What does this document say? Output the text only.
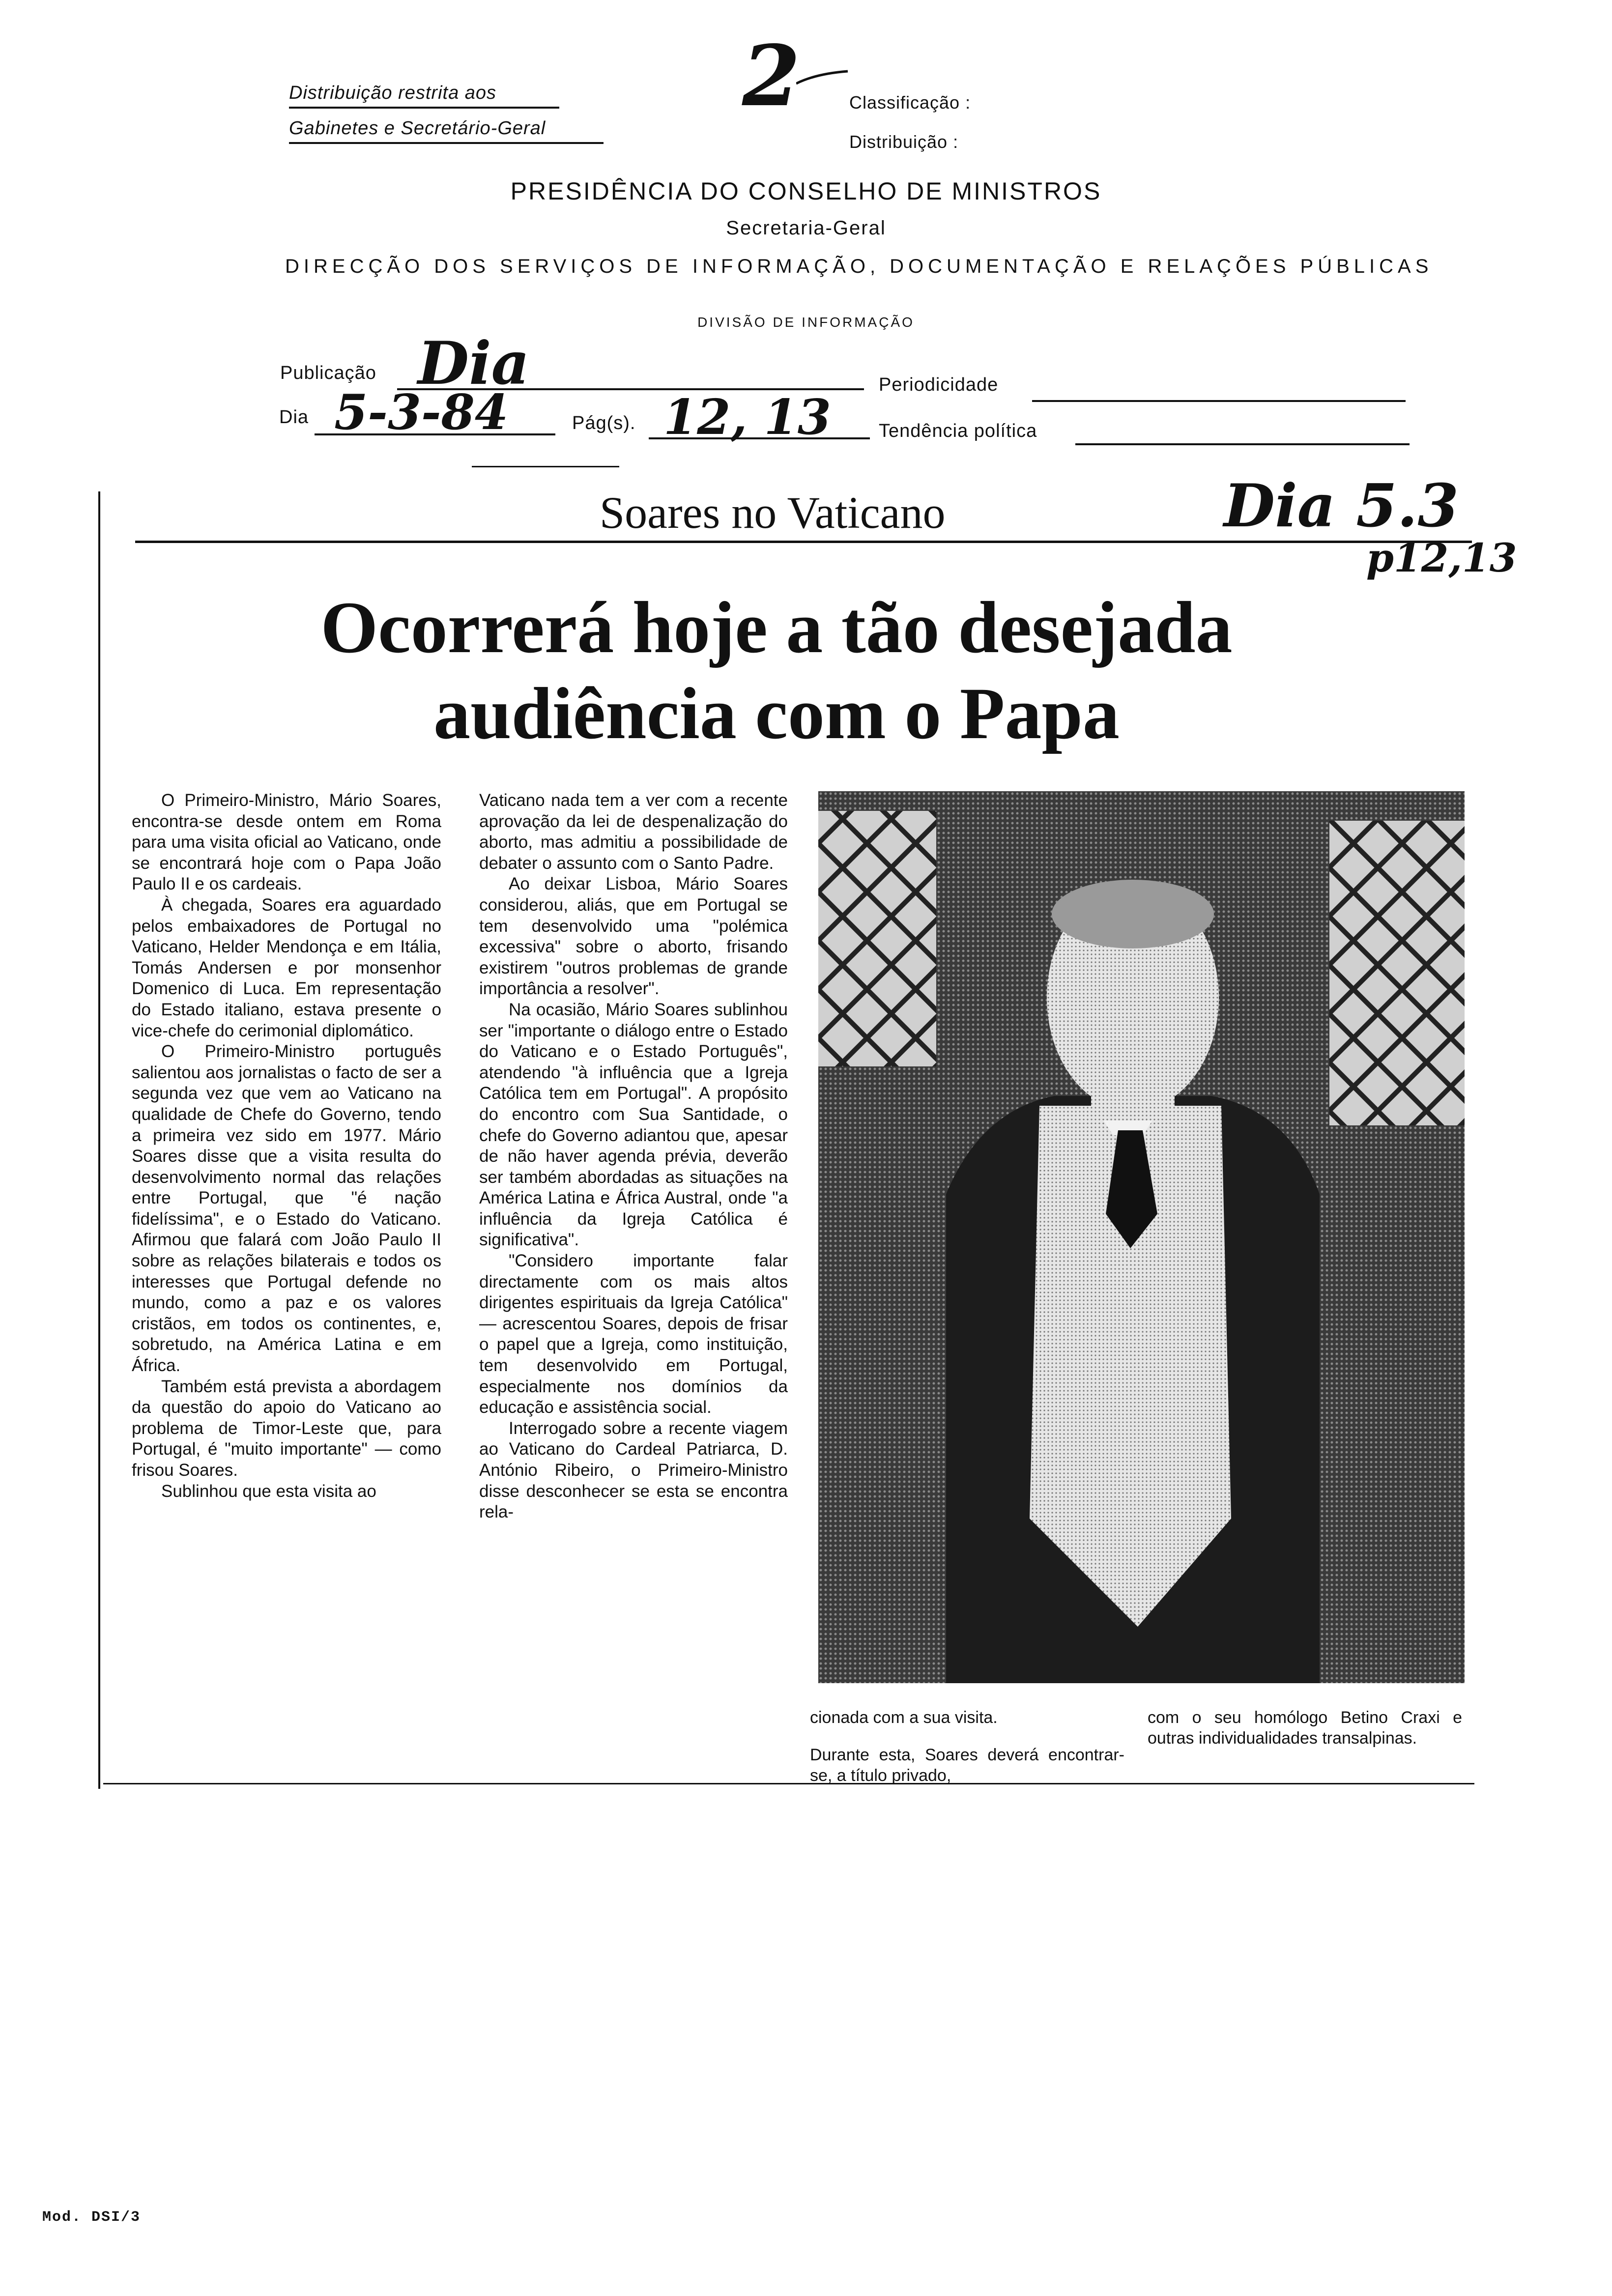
Distribuição restrita aos
Gabinetes e Secretário-Geral
2	Classificação :
Distribuição :
PRESIDÊNCIA DO CONSELHO DE MINISTROS
Secretaria-Geral
DIRECÇÃO DOS SERVIÇOS DE INFORMAÇÃO, DOCUMENTAÇÃO E RELAÇÕES PÚBLICAS
DIVISÃO DE INFORMAÇÃO
Publicação Dia	Periodicidade
Dia 5-3-84	Pág(s). 12, 13	Tendência política
Soares no Vaticano	Dia 5.3
p12,13
Ocorrerá hoje a tão desejada
audiência com o Papa

O Primeiro-Ministro, Mário Soares, encontra-se desde ontem em Roma para uma visita oficial ao Vaticano, onde se encontrará hoje com o Papa João Paulo II e os cardeais.

À chegada, Soares era aguardado pelos embaixadores de Portugal no Vaticano, Helder Mendonça e em Itália, Tomás Andersen e por monsenhor Domenico di Luca. Em representação do Estado italiano, estava presente o vice-chefe do cerimonial diplomático.

O Primeiro-Ministro português salientou aos jornalistas o facto de ser a segunda vez que vem ao Vaticano na qualidade de Chefe do Governo, tendo a primeira vez sido em 1977. Mário Soares disse que a visita resulta do desenvolvimento normal das relações entre Portugal, que "é nação fidelíssima", e o Estado do Vaticano. Afirmou que falará com João Paulo II sobre as relações bilaterais e todos os interesses que Portugal defende no mundo, como a paz e os valores cristãos, em todos os continentes, e, sobretudo, na América Latina e em África.

Também está prevista a abordagem da questão do apoio do Vaticano ao problema de Timor-Leste que, para Portugal, é "muito importante" — como frisou Soares.

Sublinhou que esta visita ao

Vaticano nada tem a ver com a recente aprovação da lei de despenalização do aborto, mas admitiu a possibilidade de debater o assunto com o Santo Padre.

Ao deixar Lisboa, Mário Soares considerou, aliás, que em Portugal se tem desenvolvido uma "polémica excessiva" sobre o aborto, frisando existirem "outros problemas de grande importância a resolver".

Na ocasião, Mário Soares sublinhou ser "importante o diálogo entre o Estado do Vaticano e o Estado Português", atendendo "à influência que a Igreja Católica tem em Portugal". A propósito do encontro com Sua Santidade, o chefe do Governo adiantou que, apesar de não haver agenda prévia, deverão ser também abordadas as situações na América Latina e África Austral, onde "a influência da Igreja Católica é significativa".

"Considero importante falar directamente com os mais altos dirigentes espirituais da Igreja Católica" — acrescentou Soares, depois de frisar o papel que a Igreja, como instituição, tem desenvolvido em Portugal, especialmente nos domínios da educação e assistência social.

Interrogado sobre a recente viagem ao Vaticano do Cardeal Patriarca, D. António Ribeiro, o Primeiro-Ministro disse desconhecer se esta se encontra rela-

cionada com a sua visita.

Durante esta, Soares deverá encontrar-se, a título privado,

com o seu homólogo Betino Craxi e outras individualidades transalpinas.

Mod. DSI/3
